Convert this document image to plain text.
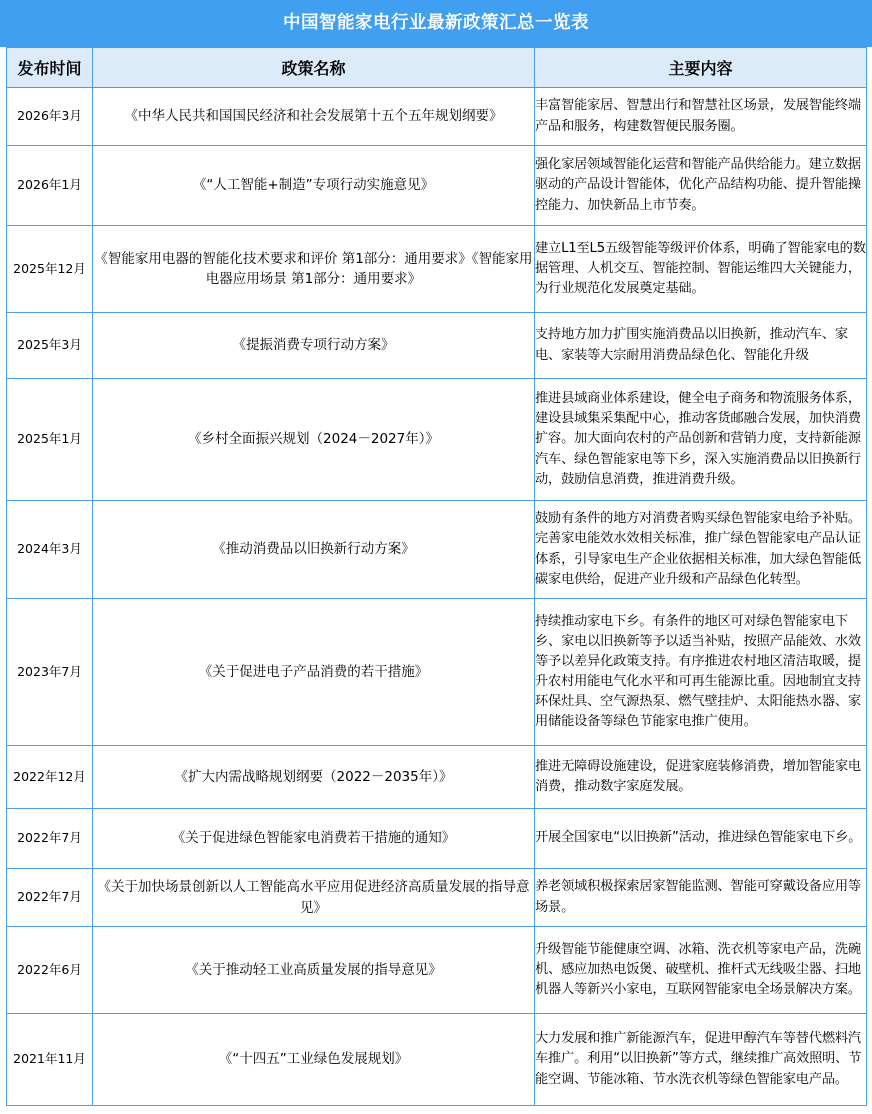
中国智能家电行业最新政策汇总一览表
发布时间	政策名称	主要内容
2026年3月	《中华人民共和国国民经济和社会发展第十五个五年规划纲要》	丰富智能家居、智慧出行和智慧社区场景，发展智能终端产品和服务，构建数智便民服务圈。
2026年1月	《“人工智能+制造”专项行动实施意见》	强化家居领域智能化运营和智能产品供给能力。建立数据驱动的产品设计智能体，优化产品结构功能、提升智能操控能力、加快新品上市节奏。
2025年12月	《智能家用电器的智能化技术要求和评价 第1部分：通用要求》《智能家用电器应用场景 第1部分：通用要求》	建立L1至L5五级智能等级评价体系，明确了智能家电的数据管理、人机交互、智能控制、智能运维四大关键能力，为行业规范化发展奠定基础。
2025年3月	《提振消费专项行动方案》	支持地方加力扩围实施消费品以旧换新，推动汽车、家电、家装等大宗耐用消费品绿色化、智能化升级
2025年1月	《乡村全面振兴规划（2024－2027年）》	推进县域商业体系建设，健全电子商务和物流服务体系，建设县域集采集配中心，推动客货邮融合发展，加快消费扩容。加大面向农村的产品创新和营销力度，支持新能源汽车、绿色智能家电等下乡，深入实施消费品以旧换新行动，鼓励信息消费，推进消费升级。
2024年3月	《推动消费品以旧换新行动方案》	鼓励有条件的地方对消费者购买绿色智能家电给予补贴。完善家电能效水效相关标准，推广绿色智能家电产品认证体系，引导家电生产企业依据相关标准，加大绿色智能低碳家电供给，促进产业升级和产品绿色化转型。
2023年7月	《关于促进电子产品消费的若干措施》	持续推动家电下乡。有条件的地区可对绿色智能家电下乡、家电以旧换新等予以适当补贴，按照产品能效、水效等予以差异化政策支持。有序推进农村地区清洁取暖，提升农村用能电气化水平和可再生能源比重。因地制宜支持环保灶具、空气源热泵、燃气壁挂炉、太阳能热水器、家用储能设备等绿色节能家电推广使用。
2022年12月	《扩大内需战略规划纲要（2022－2035年）》	推进无障碍设施建设，促进家庭装修消费，增加智能家电消费，推动数字家庭发展。
2022年7月	《关于促进绿色智能家电消费若干措施的通知》	开展全国家电“以旧换新”活动，推进绿色智能家电下乡。
2022年7月	《关于加快场景创新以人工智能高水平应用促进经济高质量发展的指导意见》	养老领域积极探索居家智能监测、智能可穿戴设备应用等场景。
2022年6月	《关于推动轻工业高质量发展的指导意见》	升级智能节能健康空调、冰箱、洗衣机等家电产品，洗碗机、感应加热电饭煲、破壁机、推杆式无线吸尘器、扫地机器人等新兴小家电，互联网智能家电全场景解决方案。
2021年11月	《“十四五”工业绿色发展规划》	大力发展和推广新能源汽车，促进甲醇汽车等替代燃料汽车推广。利用“以旧换新”等方式，继续推广高效照明、节能空调、节能冰箱、节水洗衣机等绿色智能家电产品。
